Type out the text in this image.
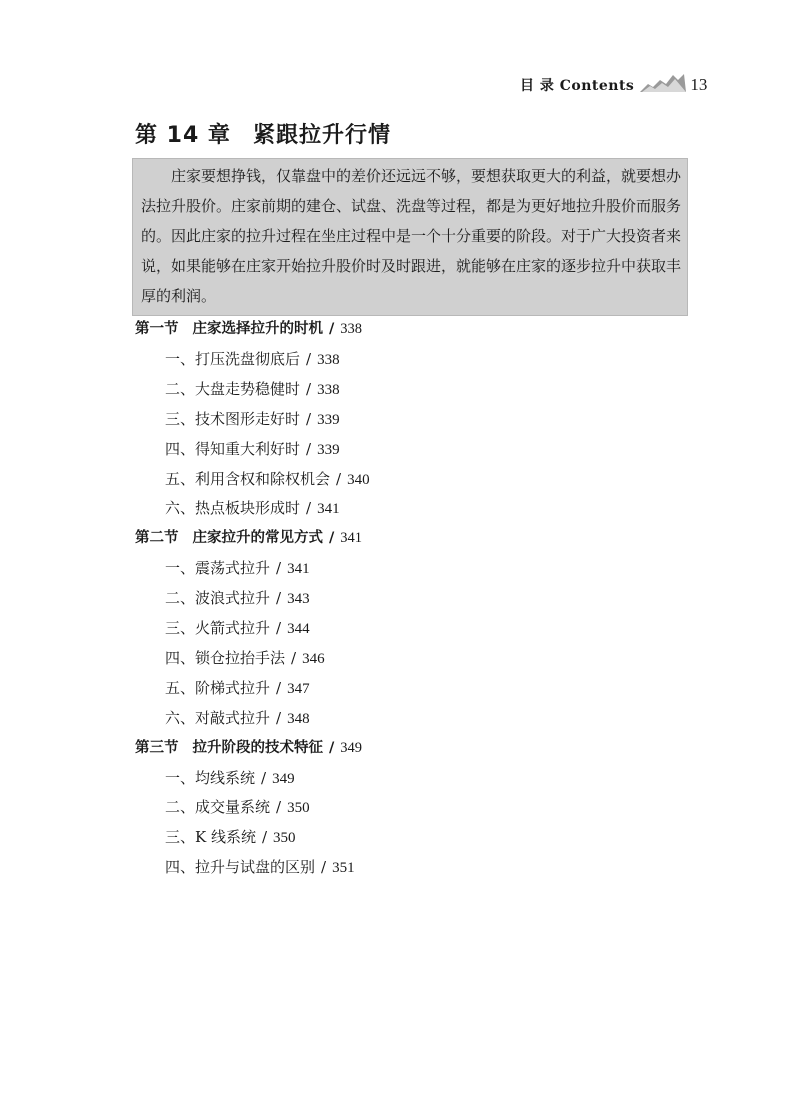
目 录 Contents	13
第 14 章 紧跟拉升行情
庄家要想挣钱，仅靠盘中的差价还远远不够，要想获取更大的利益，就要想办法拉升股价。庄家前期的建仓、试盘、洗盘等过程，都是为更好地拉升股价而服务的。因此庄家的拉升过程在坐庄过程中是一个十分重要的阶段。对于广大投资者来说，如果能够在庄家开始拉升股价时及时跟进，就能够在庄家的逐步拉升中获取丰厚的利润。
第一节 庄家选择拉升的时机 / 338
一、打压洗盘彻底后 / 338
二、大盘走势稳健时 / 338
三、技术图形走好时 / 339
四、得知重大利好时 / 339
五、利用含权和除权机会 / 340
六、热点板块形成时 / 341
第二节 庄家拉升的常见方式 / 341
一、震荡式拉升 / 341
二、波浪式拉升 / 343
三、火箭式拉升 / 344
四、锁仓拉抬手法 / 346
五、阶梯式拉升 / 347
六、对敲式拉升 / 348
第三节 拉升阶段的技术特征 / 349
一、均线系统 / 349
二、成交量系统 / 350
三、K 线系统 / 350
四、拉升与试盘的区别 / 351
